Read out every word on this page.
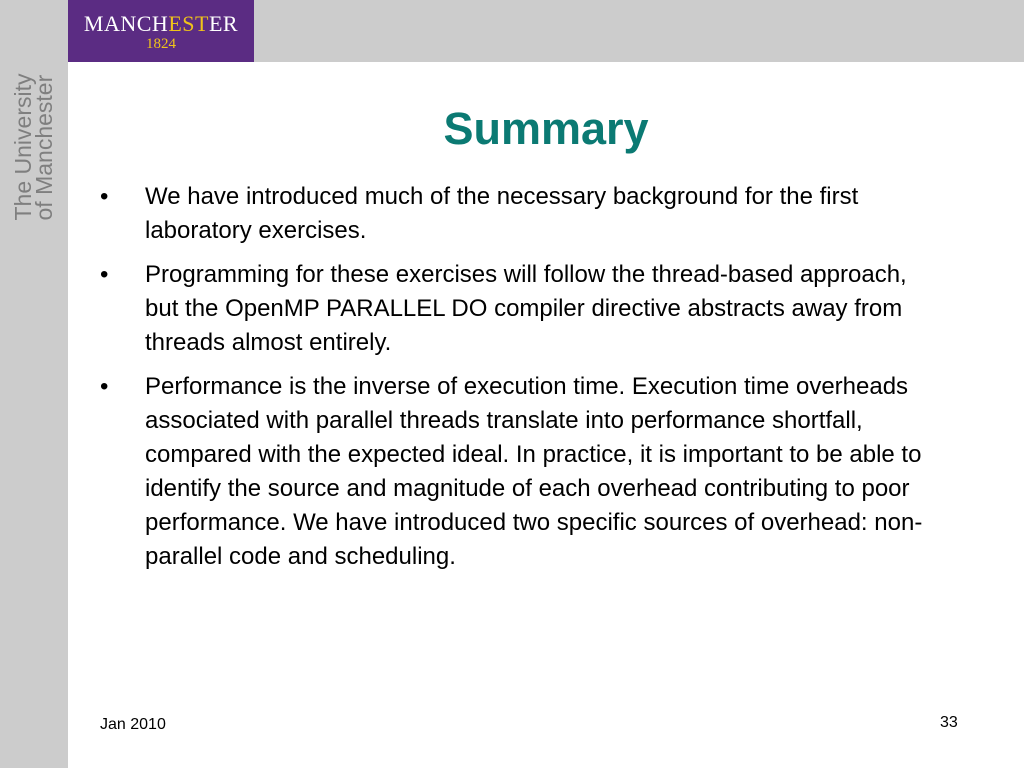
MANCHESTER
1824
The University
of Manchester	Summary
• We have introduced much of the necessary background for the first laboratory exercises.
• Programming for these exercises will follow the thread-based approach, but the OpenMP PARALLEL DO compiler directive abstracts away from threads almost entirely.
• Performance is the inverse of execution time. Execution time overheads associated with parallel threads translate into performance shortfall, compared with the expected ideal. In practice, it is important to be able to identify the source and magnitude of each overhead contributing to poor performance. We have introduced two specific sources of overhead: non-parallel code and scheduling.
Jan 2010	33
